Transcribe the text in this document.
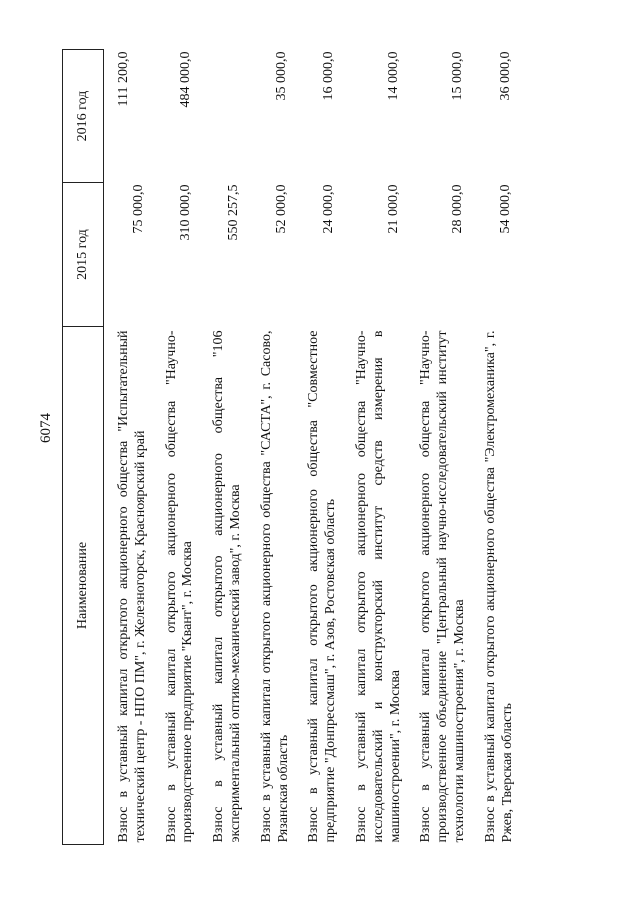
6074
Наименование	2015 год	2016 год

Взнос в уставный капитал открытого акционерного общества "Испытательный технический центр - НПО ПМ", г. Железногорск, Красноярский край	75 000,0	111 200,0

Взнос в уставный капитал открытого акционерного общества "Научно-производственное предприятие "Квант", г. Москва	310 000,0	484 000,0

Взнос в уставный капитал открытого акционерного общества "106 экспериментальный оптико-механический завод", г. Москва	550 257,5	

Взнос в уставный капитал открытого акционерного общества "САСТА", г. Сасово, Рязанская область	52 000,0	35 000,0

Взнос в уставный капитал открытого акционерного общества "Совместное предприятие "Донпрессмаш", г. Азов, Ростовская область	24 000,0	16 000,0

Взнос в уставный капитал открытого акционерного общества "Научно-исследовательский и конструкторский институт средств измерения в машиностроении", г. Москва	21 000,0	14 000,0

Взнос в уставный капитал открытого акционерного общества "Научно-производственное объединение "Центральный научно-исследовательский институт технологии машиностроения", г. Москва	28 000,0	15 000,0

Взнос в уставный капитал открытого акционерного общества "Электромеханика", г. Ржев, Тверская область	54 000,0	36 000,0
